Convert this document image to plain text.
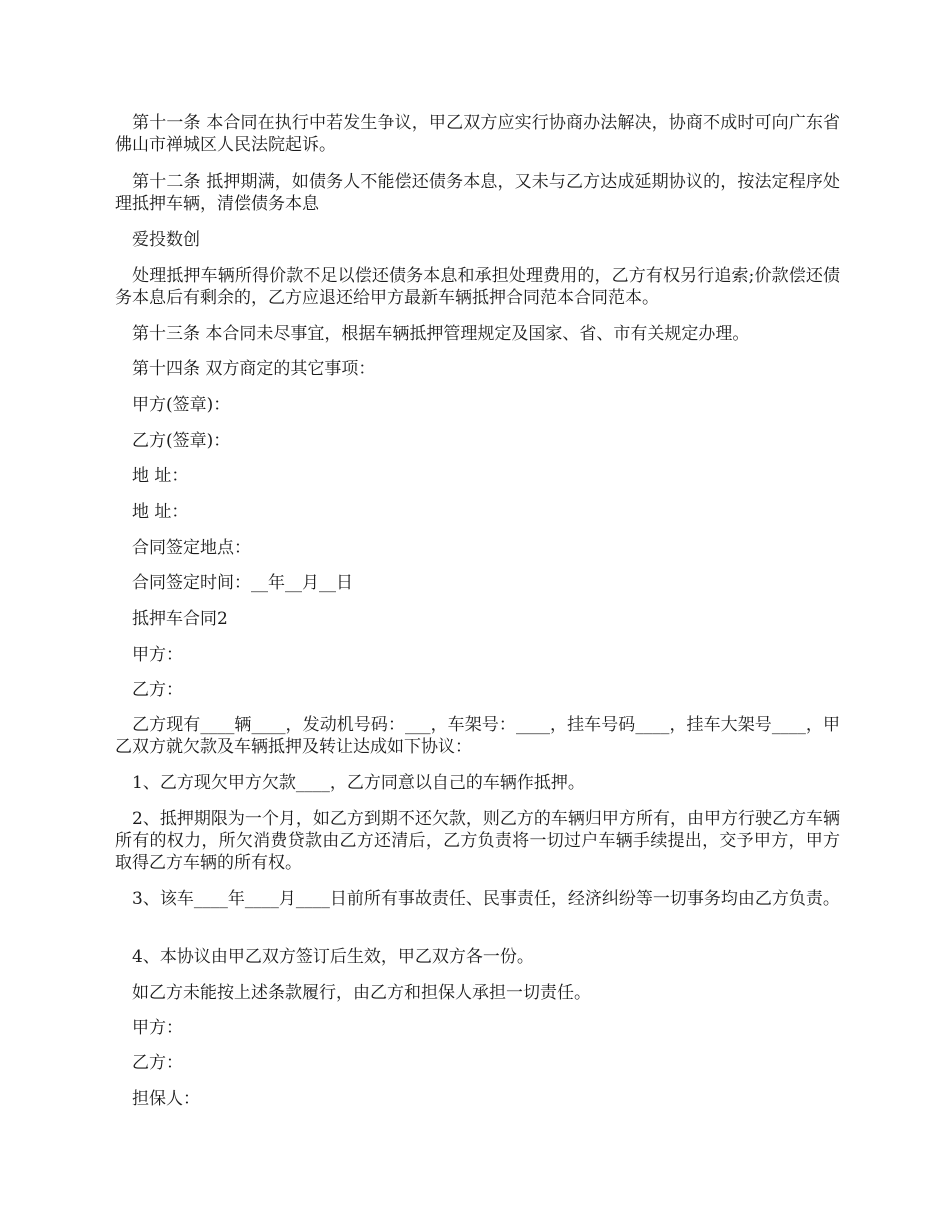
　第十一条 本合同在执行中若发生争议，甲乙双方应实行协商办法解决，协商不成时可向广东省佛山市禅城区人民法院起诉。

　第十二条 抵押期满，如债务人不能偿还债务本息，又未与乙方达成延期协议的，按法定程序处理抵押车辆，清偿债务本息

　爱投数创

　处理抵押车辆所得价款不足以偿还债务本息和承担处理费用的，乙方有权另行追索;价款偿还债务本息后有剩余的，乙方应退还给甲方最新车辆抵押合同范本合同范本。

　第十三条 本合同未尽事宜，根据车辆抵押管理规定及国家、省、市有关规定办理。

　第十四条 双方商定的其它事项：

　甲方(签章)：

　乙方(签章)：

　地 址：

　地 址：

　合同签定地点：

　合同签定时间：__年__月__日

　抵押车合同2

　甲方：

　乙方：

　乙方现有____辆____，发动机号码：___，车架号：____，挂车号码____，挂车大架号____，甲乙双方就欠款及车辆抵押及转让达成如下协议：

　1、乙方现欠甲方欠款____，乙方同意以自己的车辆作抵押。

　2、抵押期限为一个月，如乙方到期不还欠款，则乙方的车辆归甲方所有，由甲方行驶乙方车辆所有的权力，所欠消费贷款由乙方还清后，乙方负责将一切过户车辆手续提出，交予甲方，甲方取得乙方车辆的所有权。

　3、该车____年____月____日前所有事故责任、民事责任，经济纠纷等一切事务均由乙方负责。

　4、本协议由甲乙双方签订后生效，甲乙双方各一份。

　如乙方未能按上述条款履行，由乙方和担保人承担一切责任。

　甲方：

　乙方：

　担保人：
